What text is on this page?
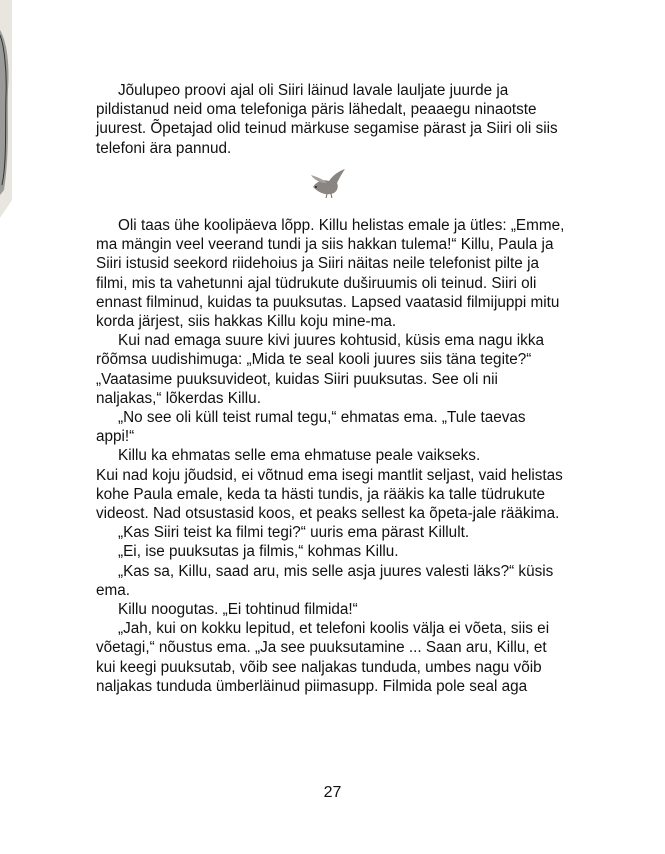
Jõulupeo proovi ajal oli Siiri läinud lavale lauljate juurde ja pildistanud neid oma telefoniga päris lähedalt, peaaegu ninaotste juurest. Õpetajad olid teinud märkuse segamise pärast ja Siiri oli siis telefoni ära pannud.

Oli taas ühe koolipäeva lõpp. Killu helistas emale ja ütles: „Emme, ma mängin veel veerand tundi ja siis hakkan tulema!“ Killu, Paula ja Siiri istusid seekord riidehoius ja Siiri näitas neile telefonist pilte ja filmi, mis ta vahetunni ajal tüdrukute duširuumis oli teinud. Siiri oli ennast filminud, kuidas ta puuksutas. Lapsed vaatasid filmijuppi mitu korda järjest, siis hakkas Killu koju mine-ma.

Kui nad emaga suure kivi juures kohtusid, küsis ema nagu ikka rõõmsa uudishimuga: „Mida te seal kooli juures siis täna tegite?“ „Vaatasime puuksuvideot, kuidas Siiri puuksutas. See oli nii naljakas,“ lõkerdas Killu.

„No see oli küll teist rumal tegu,“ ehmatas ema. „Tule taevas appi!“

Killu ka ehmatas selle ema ehmatuse peale vaikseks.

Kui nad koju jõudsid, ei võtnud ema isegi mantlit seljast, vaid helistas kohe Paula emale, keda ta hästi tundis, ja rääkis ka talle tüdrukute videost. Nad otsustasid koos, et peaks sellest ka õpeta-jale rääkima.

„Kas Siiri teist ka filmi tegi?“ uuris ema pärast Killult.

„Ei, ise puuksutas ja filmis,“ kohmas Killu.

„Kas sa, Killu, saad aru, mis selle asja juures valesti läks?“ küsis ema.

Killu noogutas. „Ei tohtinud filmida!“

„Jah, kui on kokku lepitud, et telefoni koolis välja ei võeta, siis ei võetagi,“ nõustus ema. „Ja see puuksutamine ... Saan aru, Killu, et kui keegi puuksutab, võib see naljakas tunduda, umbes nagu võib naljakas tunduda ümberläinud piimasupp. Filmida pole seal aga

27
